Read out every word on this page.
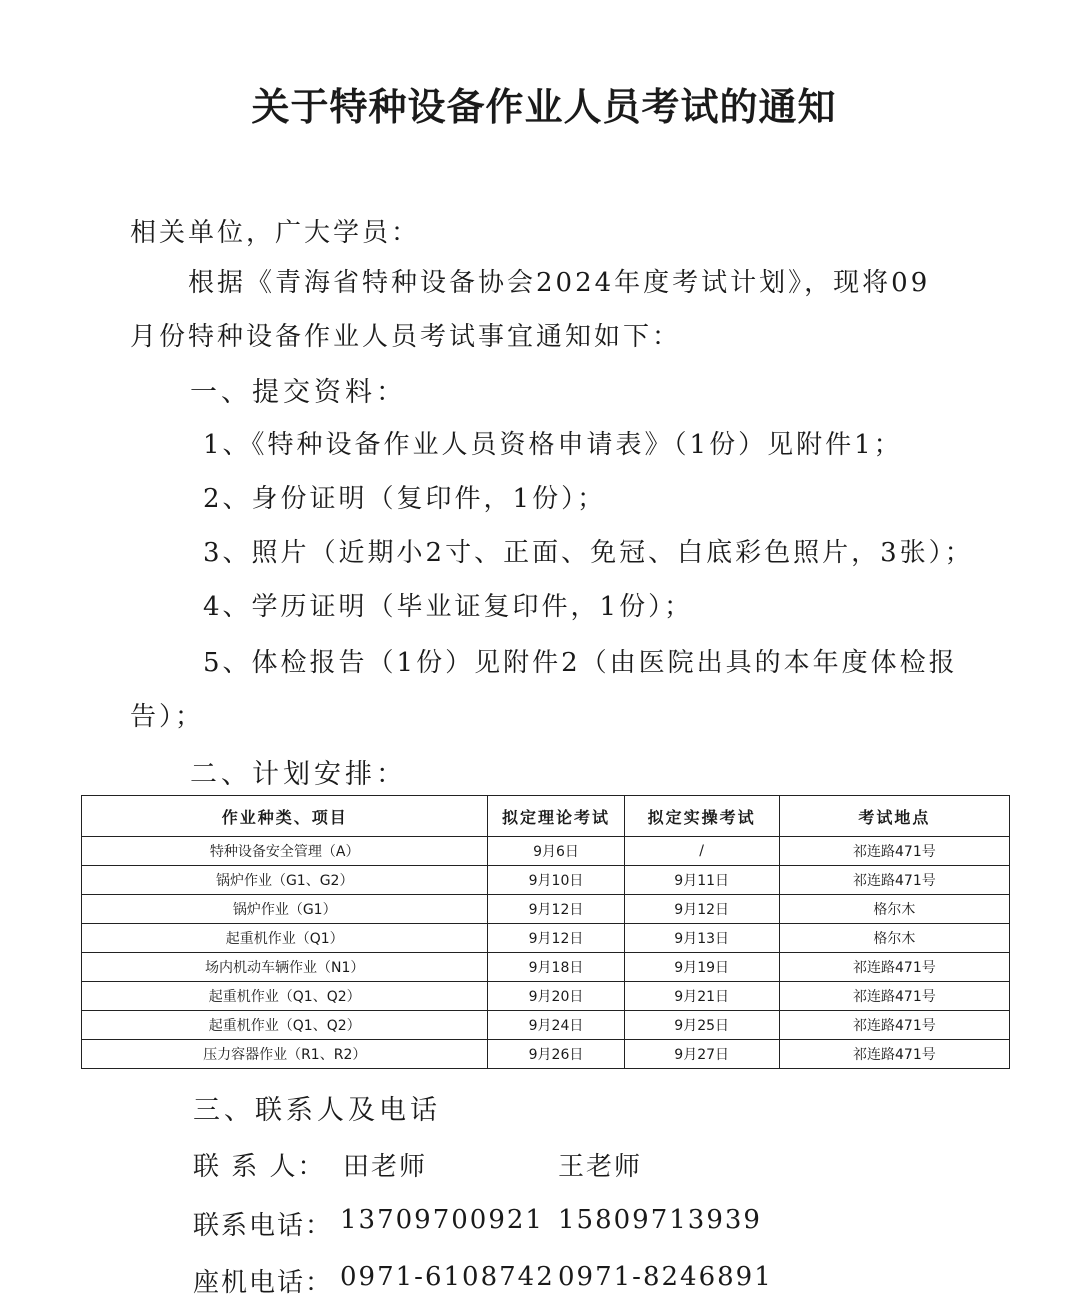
关于特种设备作业人员考试的通知
相关单位，广大学员：
根据《青海省特种设备协会2024年度考试计划》，现将09
月份特种设备作业人员考试事宜通知如下：
一、提交资料：
1、《特种设备作业人员资格申请表》（1份）见附件1；
2、身份证明（复印件，1份）；
3、照片（近期小2寸、正面、免冠、白底彩色照片，3张）；
4、学历证明（毕业证复印件，1份）；
5、体检报告（1份）见附件2（由医院出具的本年度体检报
告）；
二、计划安排：
作业种类、项目	拟定理论考试	拟定实操考试	考试地点
特种设备安全管理（A）	9月6日	/	祁连路471号
锅炉作业（G1、G2）	9月10日	9月11日	祁连路471号
锅炉作业（G1）	9月12日	9月12日	格尔木
起重机作业（Q1）	9月12日	9月13日	格尔木
场内机动车辆作业（N1）	9月18日	9月19日	祁连路471号
起重机作业（Q1、Q2）	9月20日	9月21日	祁连路471号
起重机作业（Q1、Q2）	9月24日	9月25日	祁连路471号
压力容器作业（R1、R2）	9月26日	9月27日	祁连路471号
三、联系人及电话
联 系 人： 田老师	王老师
联系电话： 13709700921 15809713939
座机电话： 0971-6108742 0971-8246891
